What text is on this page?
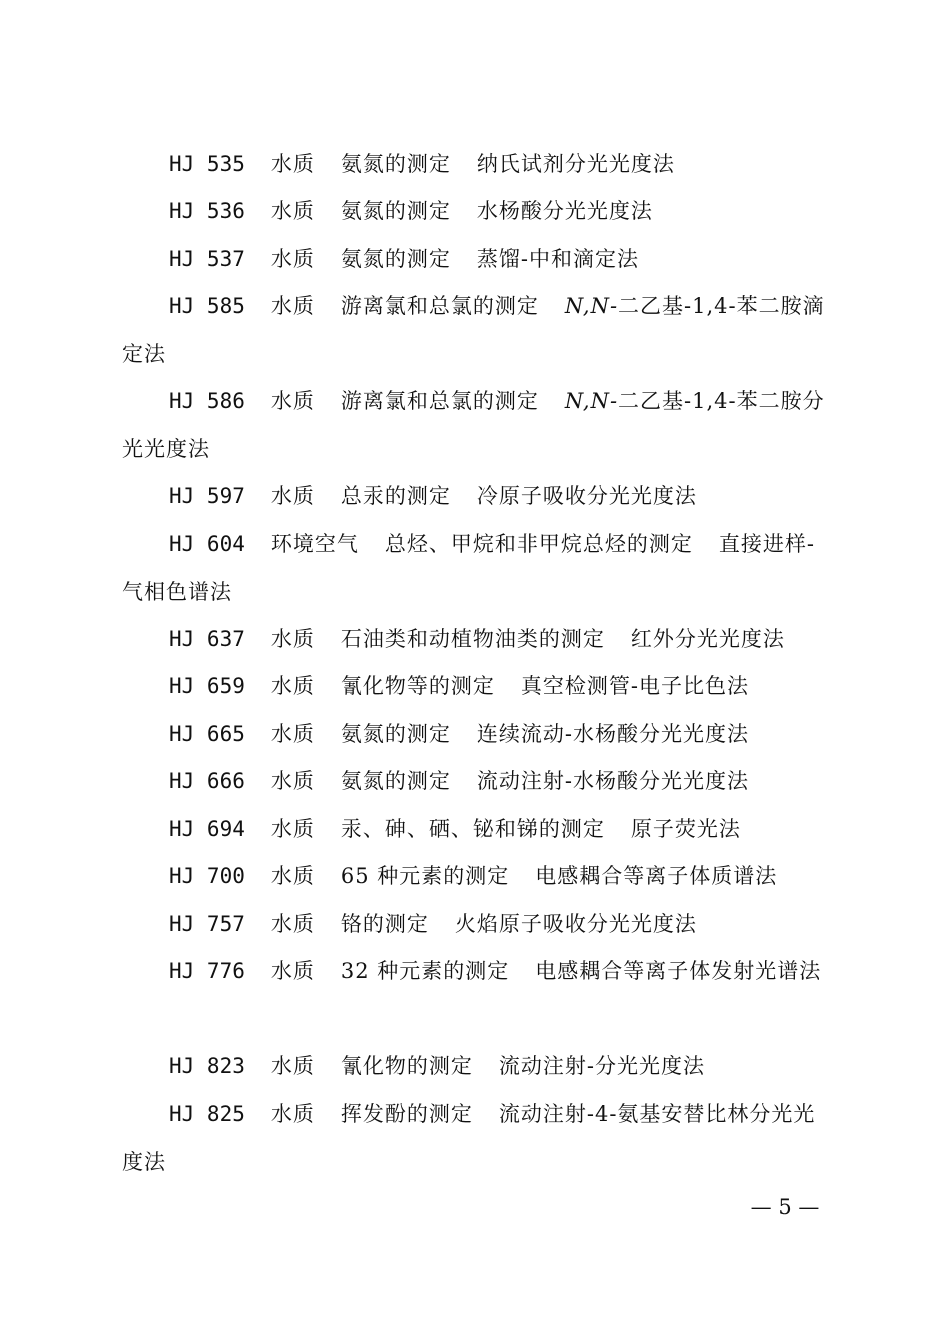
HJ 535 水质 氨氮的测定 纳氏试剂分光光度法

HJ 536 水质 氨氮的测定 水杨酸分光光度法

HJ 537 水质 氨氮的测定 蒸馏-中和滴定法

HJ 585 水质 游离氯和总氯的测定 N,N-二乙基-1,4-苯二胺滴定法

HJ 586 水质 游离氯和总氯的测定 N,N-二乙基-1,4-苯二胺分光光度法

HJ 597 水质 总汞的测定 冷原子吸收分光光度法

HJ 604 环境空气 总烃、甲烷和非甲烷总烃的测定 直接进样-气相色谱法

HJ 637 水质 石油类和动植物油类的测定 红外分光光度法

HJ 659 水质 氰化物等的测定 真空检测管-电子比色法

HJ 665 水质 氨氮的测定 连续流动-水杨酸分光光度法

HJ 666 水质 氨氮的测定 流动注射-水杨酸分光光度法

HJ 694 水质 汞、砷、硒、铋和锑的测定 原子荧光法

HJ 700 水质 65 种元素的测定 电感耦合等离子体质谱法

HJ 757 水质 铬的测定 火焰原子吸收分光光度法

HJ 776 水质 32 种元素的测定 电感耦合等离子体发射光谱法

HJ 823 水质 氰化物的测定 流动注射-分光光度法

HJ 825 水质 挥发酚的测定 流动注射-4-氨基安替比林分光光度法

— 5 —
